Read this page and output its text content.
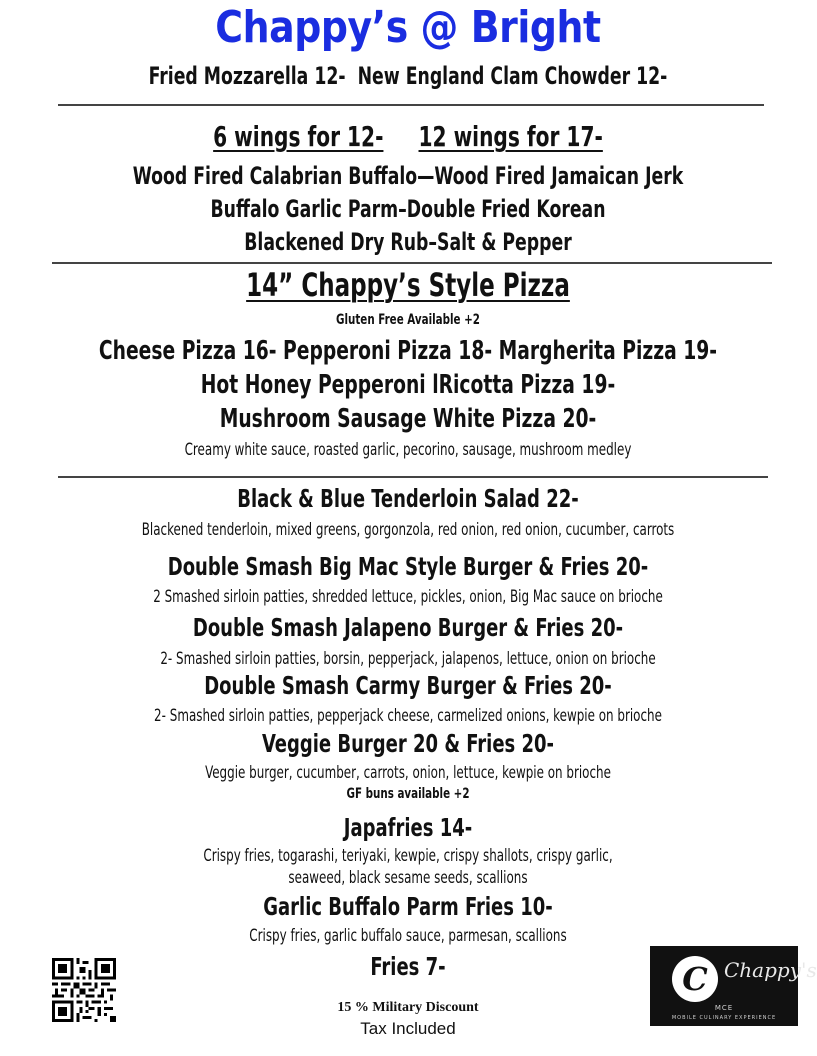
Chappy’s @ Bright
Fried Mozzarella 12- New England Clam Chowder 12-
6 wings for 12- 12 wings for 17-
Wood Fired Calabrian Buffalo—Wood Fired Jamaican Jerk
Buffalo Garlic Parm–Double Fried Korean
Blackened Dry Rub–Salt & Pepper
14” Chappy’s Style Pizza
Gluten Free Available +2
Cheese Pizza 16- Pepperoni Pizza 18- Margherita Pizza 19-
Hot Honey Pepperoni lRicotta Pizza 19-
Mushroom Sausage White Pizza 20-
Creamy white sauce, roasted garlic, pecorino, sausage, mushroom medley
Black & Blue Tenderloin Salad 22-
Blackened tenderloin, mixed greens, gorgonzola, red onion, red onion, cucumber, carrots
Double Smash Big Mac Style Burger & Fries 20-
2 Smashed sirloin patties, shredded lettuce, pickles, onion, Big Mac sauce on brioche
Double Smash Jalapeno Burger & Fries 20-
2- Smashed sirloin patties, borsin, pepperjack, jalapenos, lettuce, onion on brioche
Double Smash Carmy Burger & Fries 20-
2- Smashed sirloin patties, pepperjack cheese, carmelized onions, kewpie on brioche
Veggie Burger 20 & Fries 20-
Veggie burger, cucumber, carrots, onion, lettuce, kewpie on brioche
GF buns available +2
Japafries 14-
Crispy fries, togarashi, teriyaki, kewpie, crispy shallots, crispy garlic,
seaweed, black sesame seeds, scallions
Garlic Buffalo Parm Fries 10-
Crispy fries, garlic buffalo sauce, parmesan, scallions
Fries 7-
15 % Military Discount
Tax Included
C Chappy's
MCE
MOBILE CULINARY EXPERIENCE
